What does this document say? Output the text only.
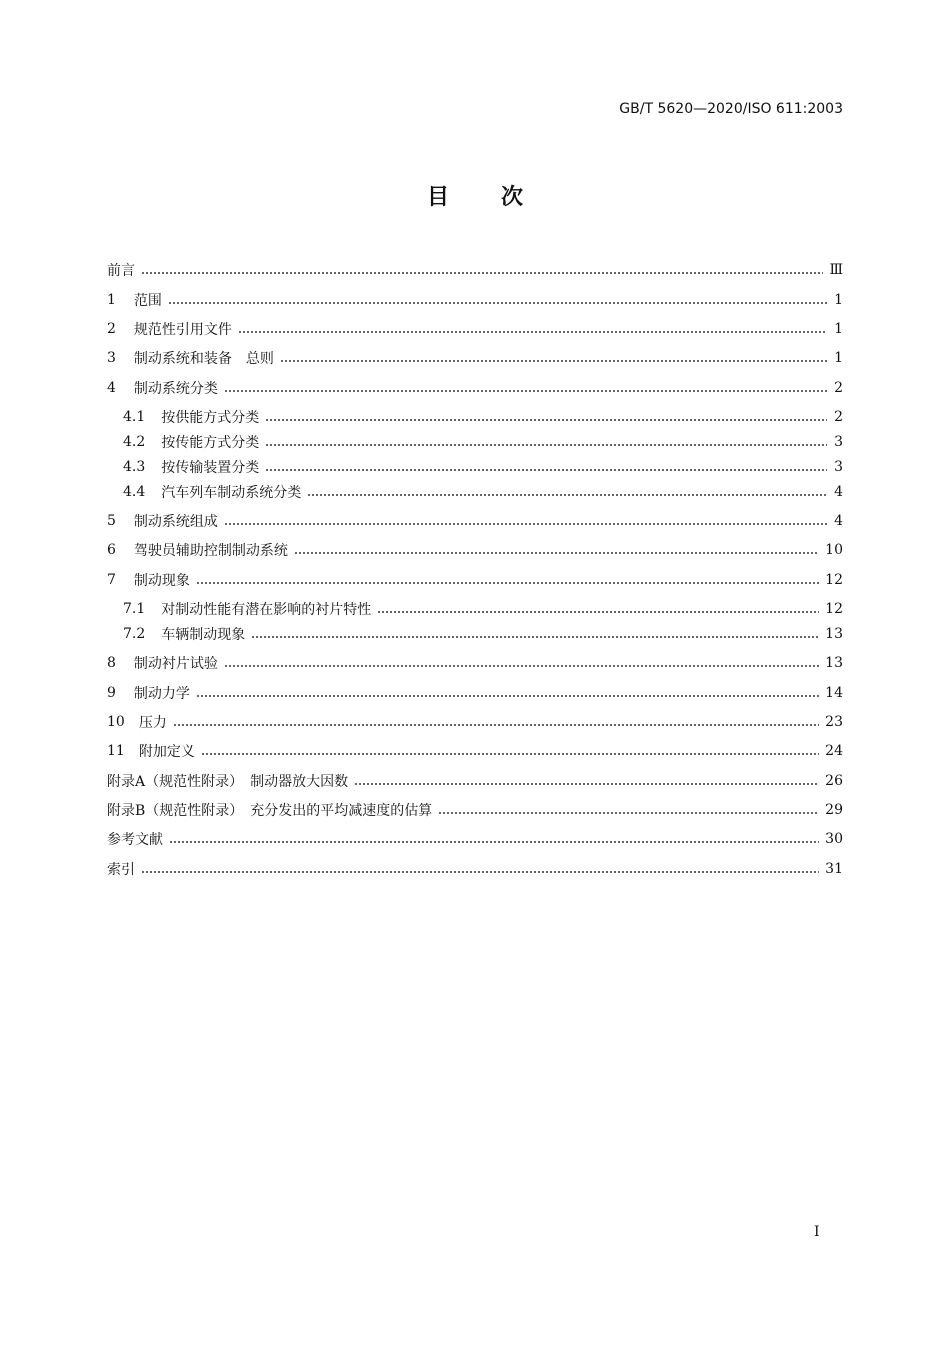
GB/T 5620—2020/ISO 611:2003
目 次
前言	Ⅲ
1 范围	1
2 规范性引用文件	1
3 制动系统和装备　总则	1
4 制动系统分类	2
4.1 按供能方式分类	2
4.2 按传能方式分类	3
4.3 按传输装置分类	3
4.4 汽车列车制动系统分类	4
5 制动系统组成	4
6 驾驶员辅助控制制动系统	10
7 制动现象	12
7.1 对制动性能有潜在影响的衬片特性	12
7.2 车辆制动现象	13
8 制动衬片试验	13
9 制动力学	14
10 压力	23
11 附加定义	24
附录A（规范性附录）　制动器放大因数	26
附录B（规范性附录）　充分发出的平均减速度的估算	29
参考文献	30
索引	31
Ⅰ
